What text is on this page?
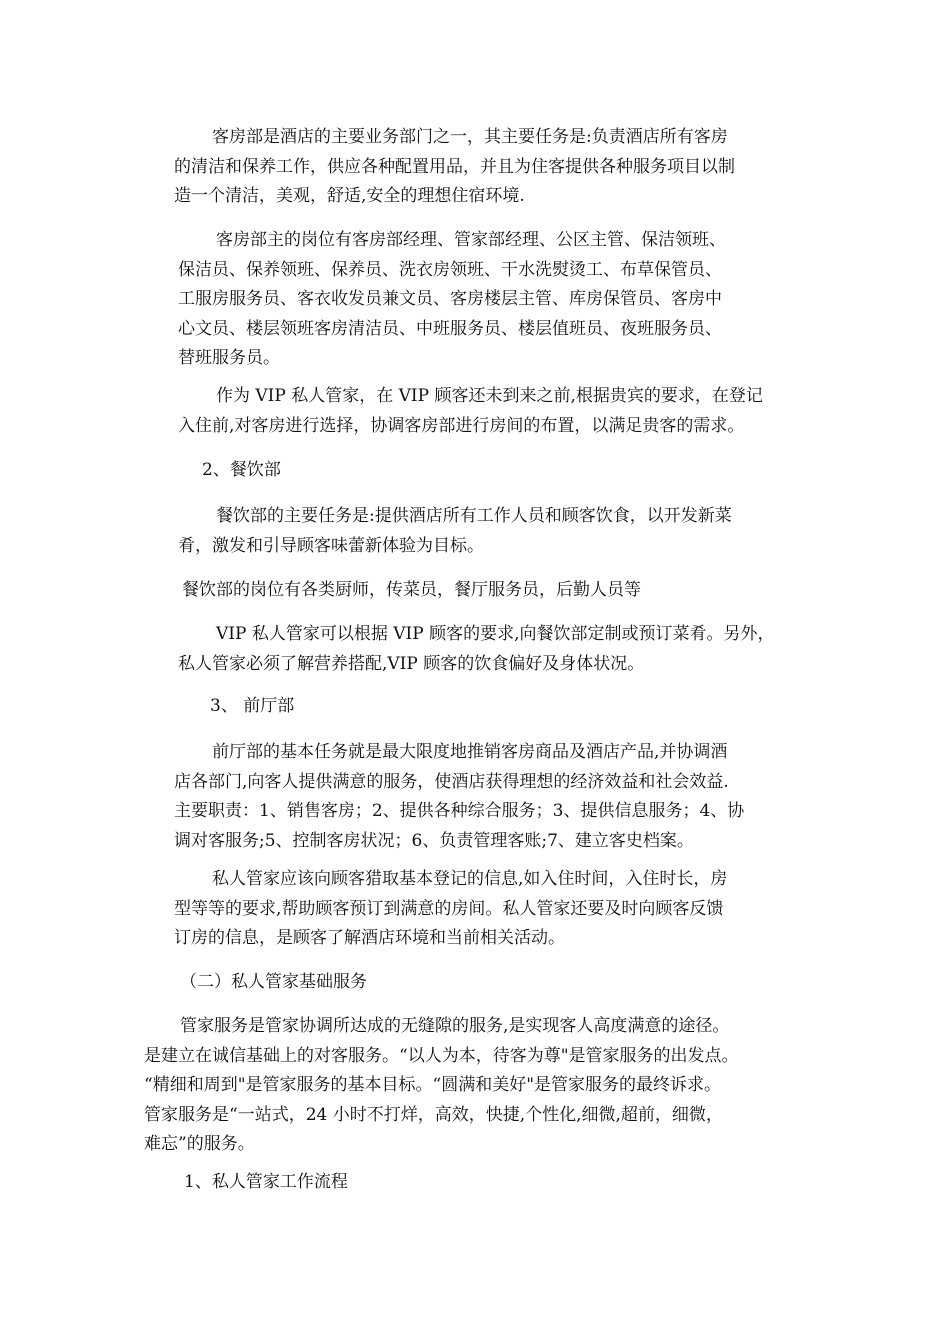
客房部是酒店的主要业务部门之一，其主要任务是:负责酒店所有客房
的清洁和保养工作，供应各种配置用品，并且为住客提供各种服务项目以制
造一个清洁，美观，舒适,安全的理想住宿环境.
客房部主的岗位有客房部经理、管家部经理、公区主管、保洁领班、
保洁员、保养领班、保养员、洗衣房领班、干水洗熨烫工、布草保管员、
工服房服务员、客衣收发员兼文员、客房楼层主管、库房保管员、客房中
心文员、楼层领班客房清洁员、中班服务员、楼层值班员、夜班服务员、
替班服务员。
作为 VIP 私人管家，在 VIP 顾客还未到来之前,根据贵宾的要求，在登记
入住前,对客房进行选择，协调客房部进行房间的布置，以满足贵客的需求。
2、餐饮部
餐饮部的主要任务是:提供酒店所有工作人员和顾客饮食，以开发新菜
肴，激发和引导顾客味蕾新体验为目标。
餐饮部的岗位有各类厨师，传菜员，餐厅服务员，后勤人员等
VIP 私人管家可以根据 VIP 顾客的要求,向餐饮部定制或预订菜肴。另外，
私人管家必须了解营养搭配,VIP 顾客的饮食偏好及身体状况。
3、 前厅部
前厅部的基本任务就是最大限度地推销客房商品及酒店产品,并协调酒
店各部门,向客人提供满意的服务，使酒店获得理想的经济效益和社会效益.
主要职责：1、销售客房；2、提供各种综合服务；3、提供信息服务；4、协
调对客服务;5、控制客房状况；6、负责管理客账;7、建立客史档案。
私人管家应该向顾客猎取基本登记的信息,如入住时间，入住时长，房
型等等的要求,帮助顾客预订到满意的房间。私人管家还要及时向顾客反馈
订房的信息，是顾客了解酒店环境和当前相关活动。
（二）私人管家基础服务
管家服务是管家协调所达成的无缝隙的服务,是实现客人高度满意的途径。
是建立在诚信基础上的对客服务。“以人为本，待客为尊"是管家服务的出发点。
“精细和周到"是管家服务的基本目标。“圆满和美好"是管家服务的最终诉求。
管家服务是“一站式，24 小时不打烊，高效，快捷,个性化,细微,超前，细微，
难忘”的服务。
1、私人管家工作流程
